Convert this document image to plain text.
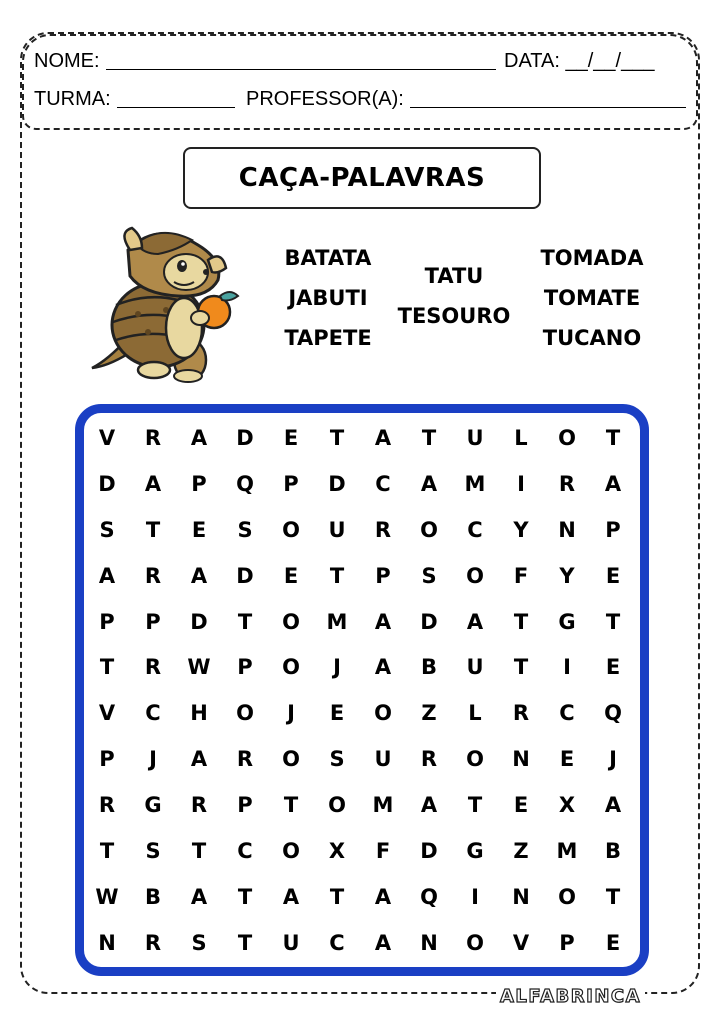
NOME:	DATA: __/__/___
TURMA:	PROFESSOR(A):
CAÇA-PALAVRAS
BATATA
JABUTI
TAPETE
TATU
TESOURO
TOMADA
TOMATE
TUCANO
V	R	A	D	E	T	A	T	U	L	O	T
D	A	P	Q	P	D	C	A	M	I	R	A
S	T	E	S	O	U	R	O	C	Y	N	P
A	R	A	D	E	T	P	S	O	F	Y	E
P	P	D	T	O	M	A	D	A	T	G	T
T	R	W	P	O	J	A	B	U	T	I	E
V	C	H	O	J	E	O	Z	L	R	C	Q
P	J	A	R	O	S	U	R	O	N	E	J
R	G	R	P	T	O	M	A	T	E	X	A
T	S	T	C	O	X	F	D	G	Z	M	B
W	B	A	T	A	T	A	Q	I	N	O	T
N	R	S	T	U	C	A	N	O	V	P	E
ALFABRINCA
